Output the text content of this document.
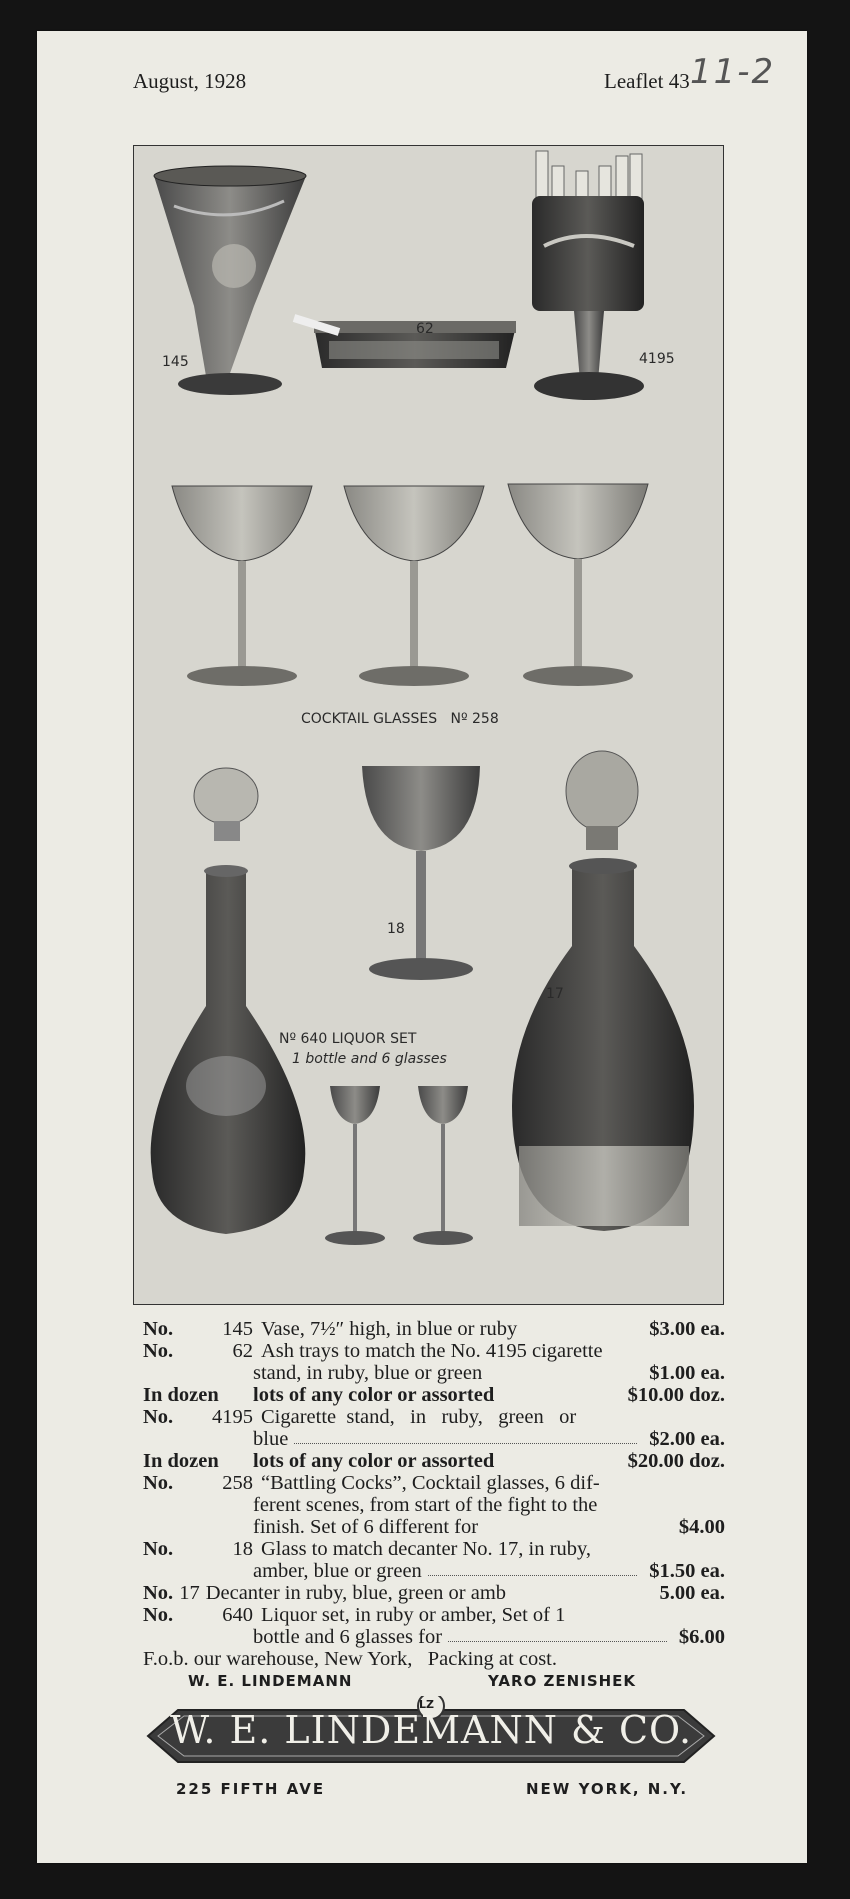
August, 1928	Leaflet 43 11-2
145
62
4195
COCKTAIL GLASSES   Nº 258
18
17
Nº 640 LIQUOR SET
1 bottle and 6 glasses
No.	145 Vase, 7½″ high, in blue or ruby	$3.00 ea.
No.	62 Ash trays to match the No. 4195 cigarette
stand, in ruby, blue or green	$1.00 ea.
In dozen	lots of any color or assorted	$10.00 doz.
No.	4195 Cigarette  stand,   in   ruby,   green   or
blue	$2.00 ea.
In dozen	lots of any color or assorted	$20.00 doz.
No.	258 “Battling Cocks”, Cocktail glasses, 6 dif-
ferent scenes, from start of the fight to the
finish. Set of 6 different for	$4.00
No.	18 Glass to match decanter No. 17, in ruby,
amber, blue or green	$1.50 ea.
No. 17 Decanter in ruby, blue, green or amb	5.00 ea.
No.	640 Liquor set, in ruby or amber, Set of 1
bottle and 6 glasses for	$6.00
F.o.b. our warehouse, New York,   Packing at cost.
W. E. LINDEMANN	YARO ZENISHEK
LZ
W. E. LINDEMANN & CO.
225 FIFTH AVE	NEW YORK, N.Y.
